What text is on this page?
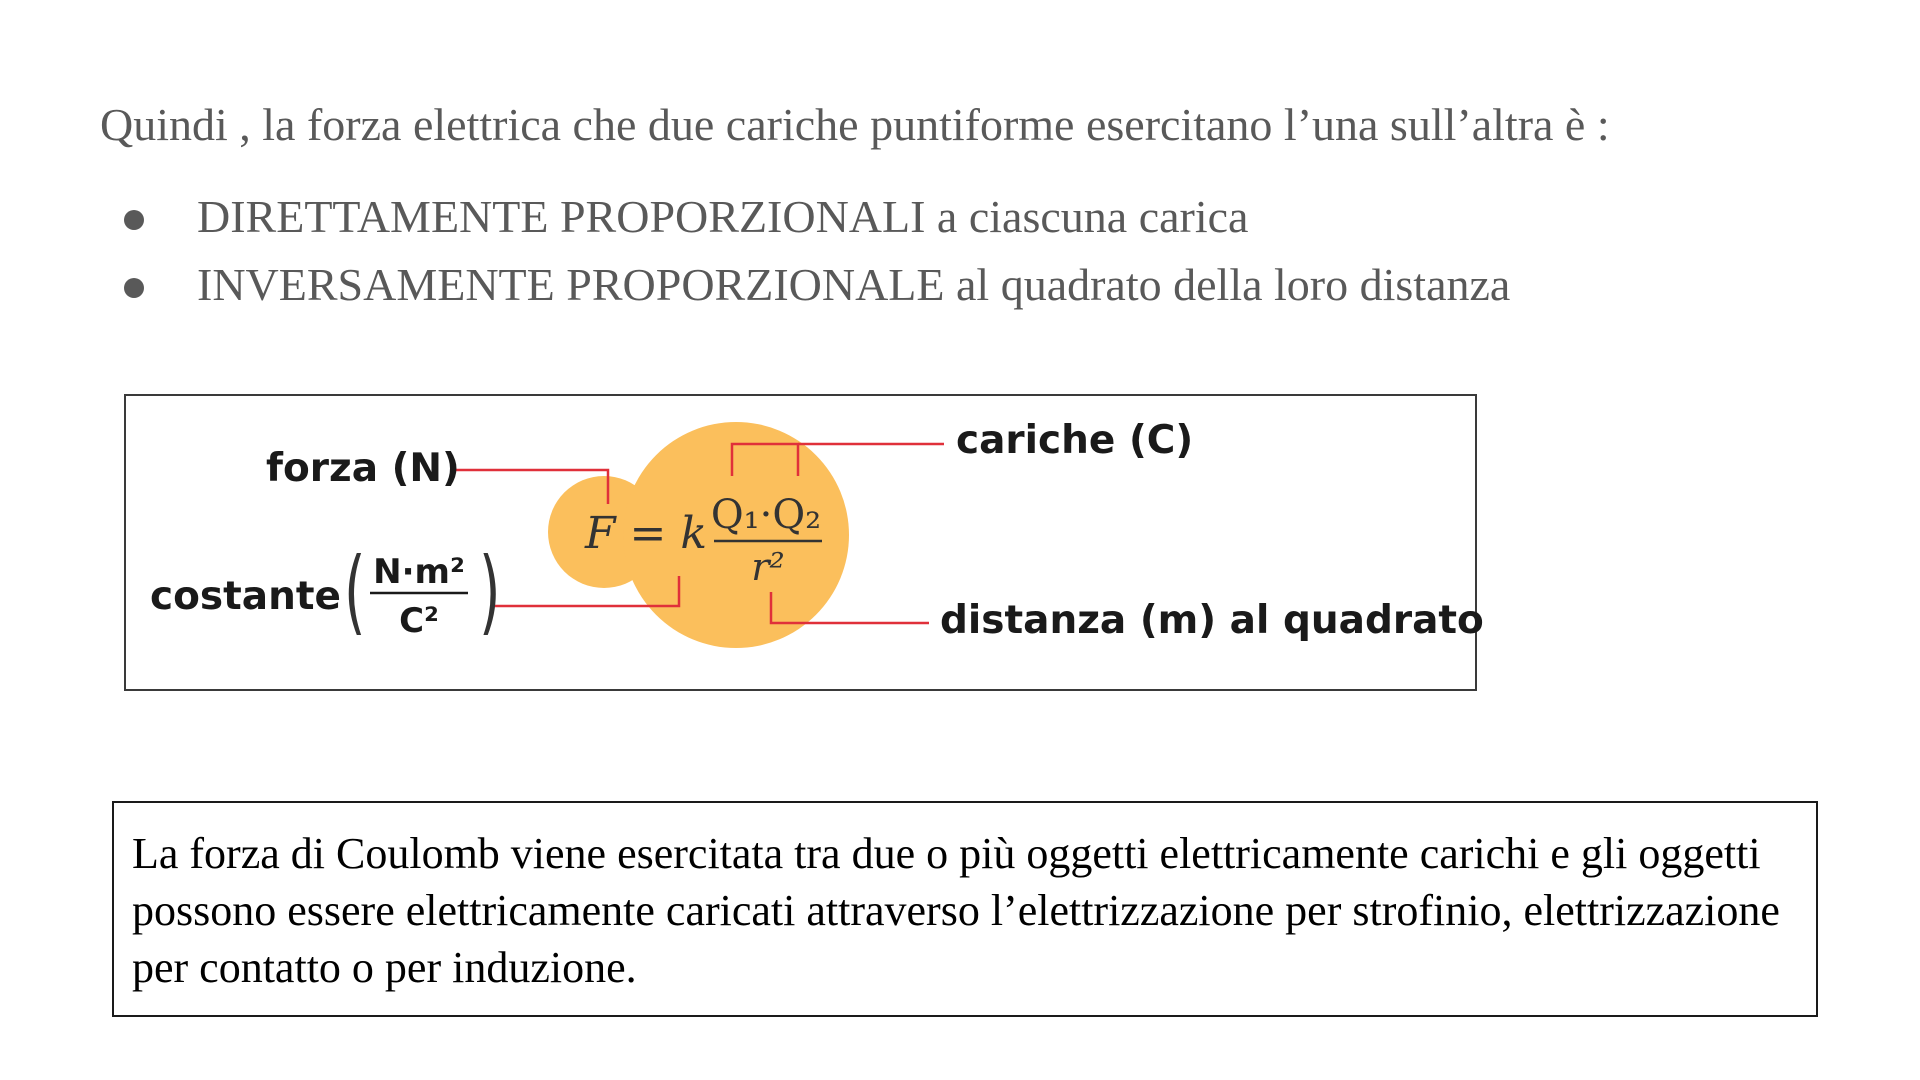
Quindi , la forza elettrica che due cariche puntiforme esercitano l’una sull’altra è :

DIRETTAMENTE PROPORZIONALI a ciascuna carica
INVERSAMENTE PROPORZIONALE al quadrato della loro distanza
F = k Q₁·Q₂
r²
( )
N·m²
C²
forza (N)
costante
cariche (C)
distanza (m) al quadrato

La forza di Coulomb viene esercitata tra due o più oggetti elettricamente carichi e gli oggetti possono essere elettricamente caricati attraverso l’elettrizzazione per strofinio, elettrizzazione per contatto o per induzione.
